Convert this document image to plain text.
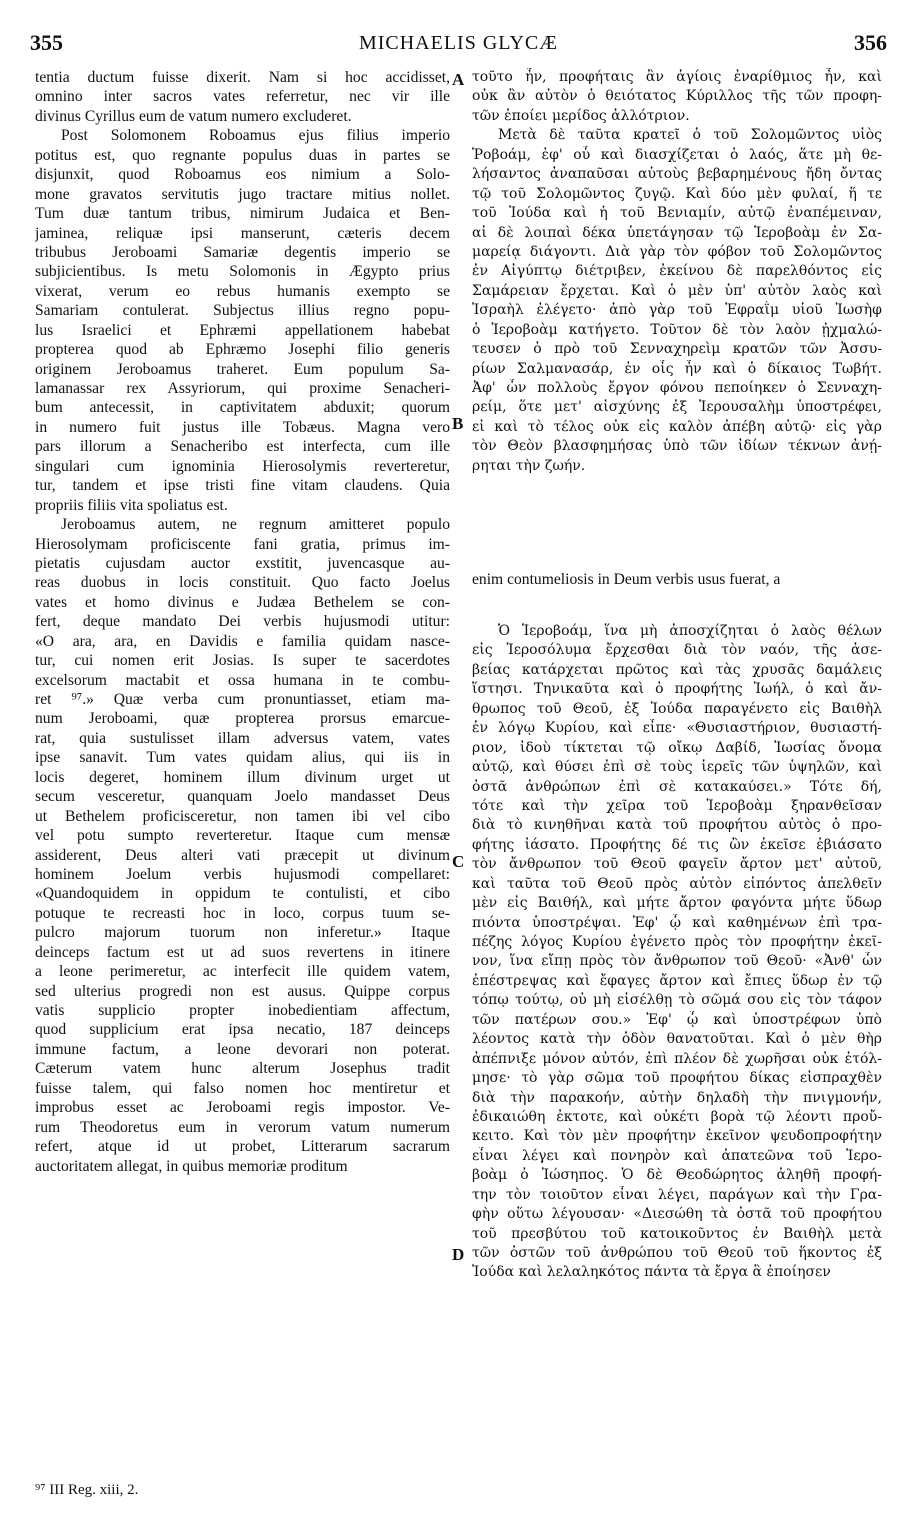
355	MICHAELIS GLYCÆ	356
tentia ductum fuisse dixerit. Nam si hoc accidisset,
omnino inter sacros vates referretur, nec vir ille
divinus Cyrillus eum de vatum numero excluderet.
Post Solomonem Roboamus ejus filius imperio
potitus est, quo regnante populus duas in partes se
disjunxit, quod Roboamus eos nimium a Solo-
mone gravatos servitutis jugo tractare mitius nollet.
Tum duæ tantum tribus, nimirum Judaica et Ben-
jaminea, reliquæ ipsi manserunt, cæteris decem
tribubus Jeroboami Samariæ degentis imperio se
subjicientibus. Is metu Solomonis in Ægypto prius
vixerat, verum eo rebus humanis exempto se
Samariam contulerat. Subjectus illius regno popu-
lus Israelici et Ephræmi appellationem habebat
propterea quod ab Ephræmo Josephi filio generis
originem Jeroboamus traheret. Eum populum Sa-
lamanassar rex Assyriorum, qui proxime Senacheri-
bum antecessit, in captivitatem abduxit; quorum
in numero fuit justus ille Tobæus. Magna vero
pars illorum a Senacheribo est interfecta, cum ille
singulari cum ignominia Hierosolymis reverteretur,
tur, tandem et ipse tristi fine vitam claudens. Quia
propriis filiis vita spoliatus est.
Jeroboamus autem, ne regnum amitteret populo
Hierosolymam proficiscente fani gratia, primus im-
pietatis cujusdam auctor exstitit, juvencasque au-
reas duobus in locis constituit. Quo facto Joelus
vates et homo divinus e Judæa Bethelem se con-
fert, deque mandato Dei verbis hujusmodi utitur:
«O ara, ara, en Davidis e familia quidam nasce-
tur, cui nomen erit Josias. Is super te sacerdotes
excelsorum mactabit et ossa humana in te combu-
ret ⁹⁷.» Quæ verba cum pronuntiasset, etiam ma-
num Jeroboami, quæ propterea prorsus emarcue-
rat, quia sustulisset illam adversus vatem, vates
ipse sanavit. Tum vates quidam alius, qui iis in
locis degeret, hominem illum divinum urget ut
secum vesceretur, quanquam Joelo mandasset Deus
ut Bethelem proficisceretur, non tamen ibi vel cibo
vel potu sumpto reverteretur. Itaque cum mensæ
assiderent, Deus alteri vati præcepit ut divinum
hominem Joelum verbis hujusmodi compellaret:
«Quandoquidem in oppidum te contulisti, et cibo
potuque te recreasti hoc in loco, corpus tuum se-
pulcro majorum tuorum non inferetur.» Itaque
deinceps factum est ut ad suos revertens in itinere
a leone perimeretur, ac interfecit ille quidem vatem,
sed ulterius progredi non est ausus. Quippe corpus
vatis supplicio propter inobedientiam affectum,
quod supplicium erat ipsa necatio, 187 deinceps
immune factum, a leone devorari non poterat.
Cæterum vatem hunc alterum Josephus tradit
fuisse talem, qui falso nomen hoc mentiretur et
improbus esset ac Jeroboami regis impostor. Ve-
rum Theodoretus eum in verorum vatum numerum
refert, atque id ut probet, Litterarum sacrarum
auctoritatem allegat, in quibus memoriæ proditum
τοῦτο ἦν, προφήταις ἂν ἁγίοις ἐναρίθμιος ἦν, καὶ
οὐκ ἂν αὐτὸν ὁ θειότατος Κύριλλος τῆς τῶν προφη-
τῶν ἐποίει μερίδος ἀλλότριον.
Μετὰ δὲ ταῦτα κρατεῖ ὁ τοῦ Σολομῶντος υἱὸς
Ῥοβοάμ, ἐφ' οὗ καὶ διασχίζεται ὁ λαός, ἅτε μὴ θε-
λήσαντος ἀναπαῦσαι αὐτοὺς βεβαρημένους ἤδη ὄντας
τῷ τοῦ Σολομῶντος ζυγῷ. Καὶ δύο μὲν φυλαί, ἥ τε
τοῦ Ἰούδα καὶ ἡ τοῦ Βενιαμίν, αὐτῷ ἐναπέμειναν,
αἱ δὲ λοιπαὶ δέκα ὑπετάγησαν τῷ Ἱεροβοὰμ ἐν Σα-
μαρείᾳ διάγοντι. Διὰ γὰρ τὸν φόβον τοῦ Σολομῶντος
ἐν Αἰγύπτῳ διέτριβεν, ἐκείνου δὲ παρελθόντος εἰς
Σαμάρειαν ἔρχεται. Καὶ ὁ μὲν ὑπ' αὐτὸν λαὸς καὶ
Ἰσραὴλ ἐλέγετο· ἀπὸ γὰρ τοῦ Ἐφραῒμ υἱοῦ Ἰωσὴφ
ὁ Ἱεροβοὰμ κατήγετο. Τοῦτον δὲ τὸν λαὸν ᾐχμαλώ-
τευσεν ὁ πρὸ τοῦ Σενναχηρεὶμ κρατῶν τῶν Ἀσσυ-
ρίων Σαλμανασάρ, ἐν οἷς ἦν καὶ ὁ δίκαιος Τωβήτ.
Ἀφ' ὧν πολλοὺς ἔργον φόνου πεποίηκεν ὁ Σενναχη-
ρείμ, ὅτε μετ' αἰσχύνης ἐξ Ἱερουσαλὴμ ὑποστρέφει,
εἰ καὶ τὸ τέλος οὐκ εἰς καλὸν ἀπέβη αὐτῷ· εἰς γὰρ
τὸν Θεὸν βλασφημήσας ὑπὸ τῶν ἰδίων τέκνων ἀνῄ-
ρηται τὴν ζωήν.
enim contumeliosis in Deum verbis usus fuerat, a
Ὁ Ἱεροβοάμ, ἵνα μὴ ἀποσχίζηται ὁ λαὸς θέλων
εἰς Ἱεροσόλυμα ἔρχεσθαι διὰ τὸν ναόν, τῆς ἀσε-
βείας κατάρχεται πρῶτος καὶ τὰς χρυσᾶς δαμάλεις
ἵστησι. Τηνικαῦτα καὶ ὁ προφήτης Ἰωήλ, ὁ καὶ ἄν-
θρωπος τοῦ Θεοῦ, ἐξ Ἰούδα παραγένετο εἰς Βαιθὴλ
ἐν λόγῳ Κυρίου, καὶ εἶπε· «Θυσιαστήριον, θυσιαστή-
ριον, ἰδοὺ τίκτεται τῷ οἴκῳ Δαβίδ, Ἰωσίας ὄνομα
αὐτῷ, καὶ θύσει ἐπὶ σὲ τοὺς ἱερεῖς τῶν ὑψηλῶν, καὶ
ὀστᾶ ἀνθρώπων ἐπὶ σὲ κατακαύσει.» Τότε δή,
τότε καὶ τὴν χεῖρα τοῦ Ἱεροβοὰμ ξηρανθεῖσαν
διὰ τὸ κινηθῆναι κατὰ τοῦ προφήτου αὐτὸς ὁ προ-
φήτης ἰάσατο. Προφήτης δέ τις ὢν ἐκεῖσε ἐβιάσατο
τὸν ἄνθρωπον τοῦ Θεοῦ φαγεῖν ἄρτον μετ' αὐτοῦ,
καὶ ταῦτα τοῦ Θεοῦ πρὸς αὐτὸν εἰπόντος ἀπελθεῖν
μὲν εἰς Βαιθήλ, καὶ μήτε ἄρτον φαγόντα μήτε ὕδωρ
πιόντα ὑποστρέψαι. Ἐφ' ᾧ καὶ καθημένων ἐπὶ τρα-
πέζης λόγος Κυρίου ἐγένετο πρὸς τὸν προφήτην ἐκεῖ-
νον, ἵνα εἴπῃ πρὸς τὸν ἄνθρωπον τοῦ Θεοῦ· «Ἀνθ' ὧν
ἐπέστρεψας καὶ ἔφαγες ἄρτον καὶ ἔπιες ὕδωρ ἐν τῷ
τόπῳ τούτῳ, οὐ μὴ εἰσέλθῃ τὸ σῶμά σου εἰς τὸν τάφον
τῶν πατέρων σου.» Ἐφ' ᾧ καὶ ὑποστρέφων ὑπὸ
λέοντος κατὰ τὴν ὁδὸν θανατοῦται. Καὶ ὁ μὲν θὴρ
ἀπέπνιξε μόνον αὐτόν, ἐπὶ πλέον δὲ χωρῆσαι οὐκ ἐτόλ-
μησε· τὸ γὰρ σῶμα τοῦ προφήτου δίκας εἰσπραχθὲν
διὰ τὴν παρακοήν, αὐτὴν δηλαδὴ τὴν πνιγμονήν,
ἐδικαιώθη ἐκτοτε, καὶ οὐκέτι βορὰ τῷ λέοντι προὔ-
κειτο. Καὶ τὸν μὲν προφήτην ἐκεῖνον ψευδοπροφήτην
εἶναι λέγει καὶ πονηρὸν καὶ ἀπατεῶνα τοῦ Ἱερο-
βοὰμ ὁ Ἰώσηπος. Ὁ δὲ Θεοδώρητος ἀληθῆ προφή-
την τὸν τοιοῦτον εἶναι λέγει, παράγων καὶ τὴν Γρα-
φὴν οὕτω λέγουσαν· «Διεσώθη τὰ ὀστᾶ τοῦ προφήτου
τοῦ πρεσβύτου τοῦ κατοικοῦντος ἐν Βαιθὴλ μετὰ
τῶν ὀστῶν τοῦ ἀνθρώπου τοῦ Θεοῦ τοῦ ἥκοντος ἐξ
Ἰούδα καὶ λελαληκότος πάντα τὰ ἔργα ἃ ἐποίησεν
A
B
C
D
⁹⁷ III Reg. xiii, 2.
